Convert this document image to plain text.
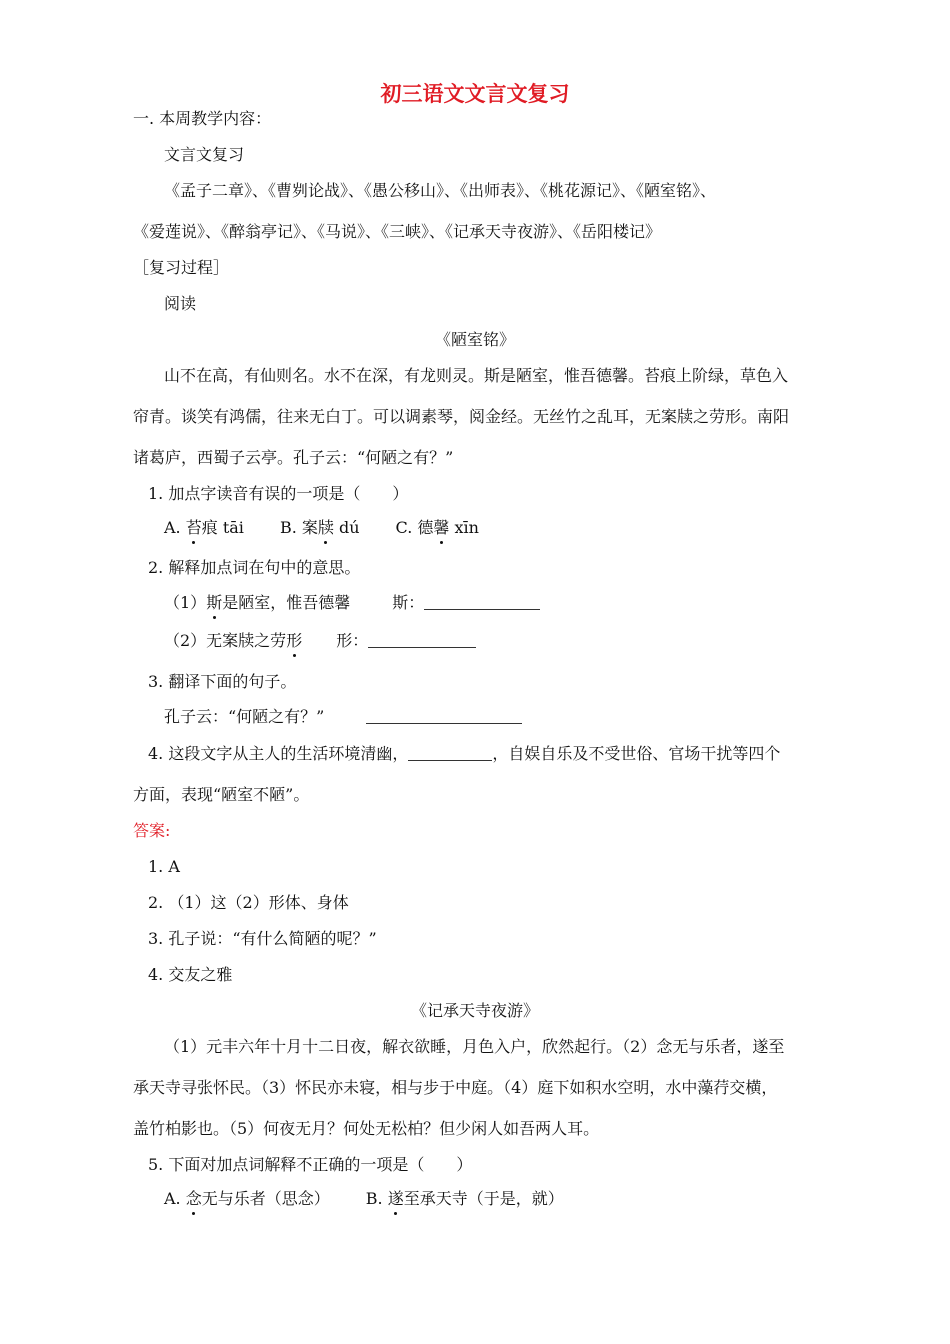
初三语文文言文复习
一. 本周教学内容：
文言文复习
《孟子二章》、《曹刿论战》、《愚公移山》、《出师表》、《桃花源记》、《陋室铭》、
《爱莲说》、《醉翁亭记》、《马说》、《三峡》、《记承天寺夜游》、《岳阳楼记》
［复习过程］
阅读
《陋室铭》
山不在高，有仙则名。水不在深，有龙则灵。斯是陋室，惟吾德馨。苔痕上阶绿，草色入
帘青。谈笑有鸿儒，往来无白丁。可以调素琴，阅金经。无丝竹之乱耳，无案牍之劳形。南阳
诸葛庐，西蜀子云亭。孔子云：“何陋之有？”
1. 加点字读音有误的一项是（　　）
A. 苔痕 tāi B. 案牍 dú C. 德馨 xīn
2. 解释加点词在句中的意思。
（1）斯是陋室，惟吾德馨	斯：
（2）无案牍之劳形 形：
3. 翻译下面的句子。
孔子云：“何陋之有？”
4. 这段文字从主人的生活环境清幽，	，自娱自乐及不受世俗、官场干扰等四个
方面，表现“陋室不陋”。
答案:
1. A
2. （1）这（2）形体、身体
3. 孔子说：“有什么简陋的呢？”
4. 交友之雅
《记承天寺夜游》
（1）元丰六年十月十二日夜，解衣欲睡，月色入户，欣然起行。（2）念无与乐者，遂至
承天寺寻张怀民。（3）怀民亦未寝，相与步于中庭。（4）庭下如积水空明，水中藻荇交横，
盖竹柏影也。（5）何夜无月？何处无松柏？但少闲人如吾两人耳。
5. 下面对加点词解释不正确的一项是（　　）
A. 念无与乐者（思念） B. 遂至承天寺（于是，就）
